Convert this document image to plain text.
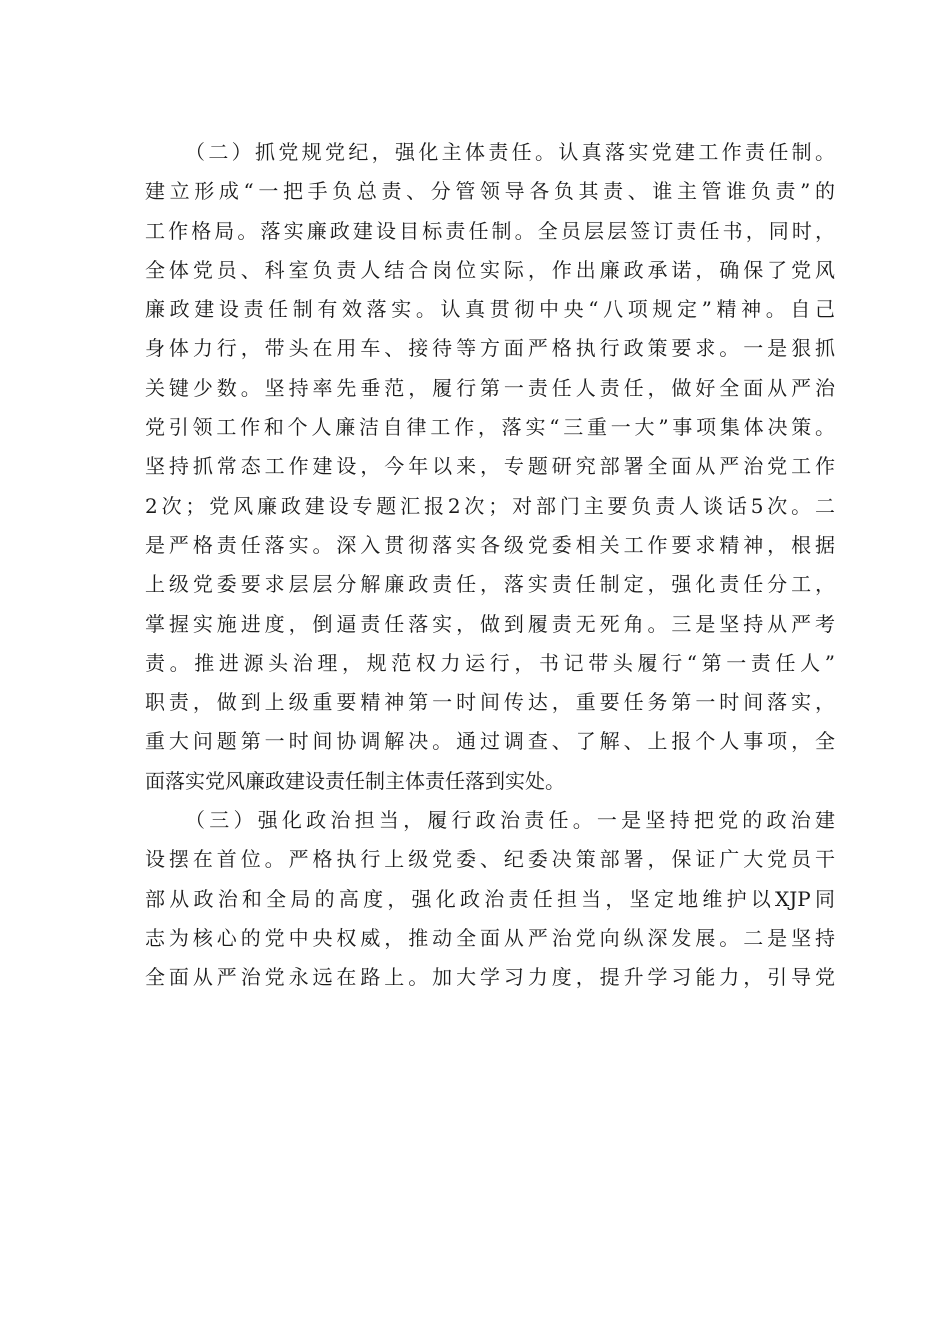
（二）抓党规党纪，强化主体责任。认真落实党建工作责任制。
建立形成“一把手负总责、分管领导各负其责、谁主管谁负责”的
工作格局。落实廉政建设目标责任制。全员层层签订责任书，同时，
全体党员、科室负责人结合岗位实际，作出廉政承诺，确保了党风
廉政建设责任制有效落实。认真贯彻中央“八项规定”精神。自己
身体力行，带头在用车、接待等方面严格执行政策要求。一是狠抓
关键少数。坚持率先垂范，履行第一责任人责任，做好全面从严治
党引领工作和个人廉洁自律工作，落实“三重一大”事项集体决策。
坚持抓常态工作建设，今年以来，专题研究部署全面从严治党工作
2次；党风廉政建设专题汇报2次；对部门主要负责人谈话5次。二
是严格责任落实。深入贯彻落实各级党委相关工作要求精神，根据
上级党委要求层层分解廉政责任，落实责任制定，强化责任分工，
掌握实施进度，倒逼责任落实，做到履责无死角。三是坚持从严考
责。推进源头治理，规范权力运行，书记带头履行“第一责任人”
职责，做到上级重要精神第一时间传达，重要任务第一时间落实，
重大问题第一时间协调解决。通过调查、了解、上报个人事项，全
面落实党风廉政建设责任制主体责任落到实处。
（三）强化政治担当，履行政治责任。一是坚持把党的政治建
设摆在首位。严格执行上级党委、纪委决策部署，保证广大党员干
部从政治和全局的高度，强化政治责任担当，坚定地维护以XJP同
志为核心的党中央权威，推动全面从严治党向纵深发展。二是坚持
全面从严治党永远在路上。加大学习力度，提升学习能力，引导党
